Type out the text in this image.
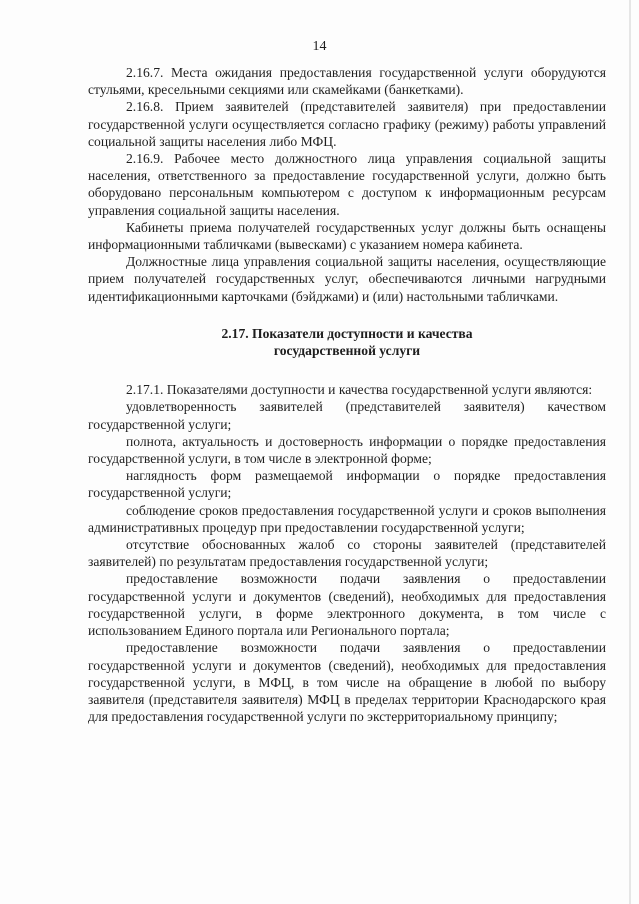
14

2.16.7. Места ожидания предоставления государственной услуги оборудуются стульями, кресельными секциями или скамейками (банкетками).

2.16.8. Прием заявителей (представителей заявителя) при предоставлении государственной услуги осуществляется согласно графику (режиму) работы управлений социальной защиты населения либо МФЦ.

2.16.9. Рабочее место должностного лица управления социальной защиты населения, ответственного за предоставление государственной услуги, должно быть оборудовано персональным компьютером с доступом к информационным ресурсам управления социальной защиты населения.

Кабинеты приема получателей государственных услуг должны быть оснащены информационными табличками (вывесками) с указанием номера кабинета.

Должностные лица управления социальной защиты населения, осуществляющие прием получателей государственных услуг, обеспечиваются личными нагрудными идентификационными карточками (бэйджами) и (или) настольными табличками.

2.17. Показатели доступности и качества
государственной услуги

2.17.1. Показателями доступности и качества государственной услуги являются:

удовлетворенность заявителей (представителей заявителя) качеством государственной услуги;

полнота, актуальность и достоверность информации о порядке предоставления государственной услуги, в том числе в электронной форме;

наглядность форм размещаемой информации о порядке предоставления государственной услуги;

соблюдение сроков предоставления государственной услуги и сроков выполнения административных процедур при предоставлении государственной услуги;

отсутствие обоснованных жалоб со стороны заявителей (представителей заявителей) по результатам предоставления государственной услуги;

предоставление возможности подачи заявления о предоставлении государственной услуги и документов (сведений), необходимых для предоставления государственной услуги, в форме электронного документа, в том числе с использованием Единого портала или Регионального портала;

предоставление возможности подачи заявления о предоставлении государственной услуги и документов (сведений), необходимых для предоставления государственной услуги, в МФЦ, в том числе на обращение в любой по выбору заявителя (представителя заявителя) МФЦ в пределах территории Краснодарского края для предоставления государственной услуги по экстерриториальному принципу;
